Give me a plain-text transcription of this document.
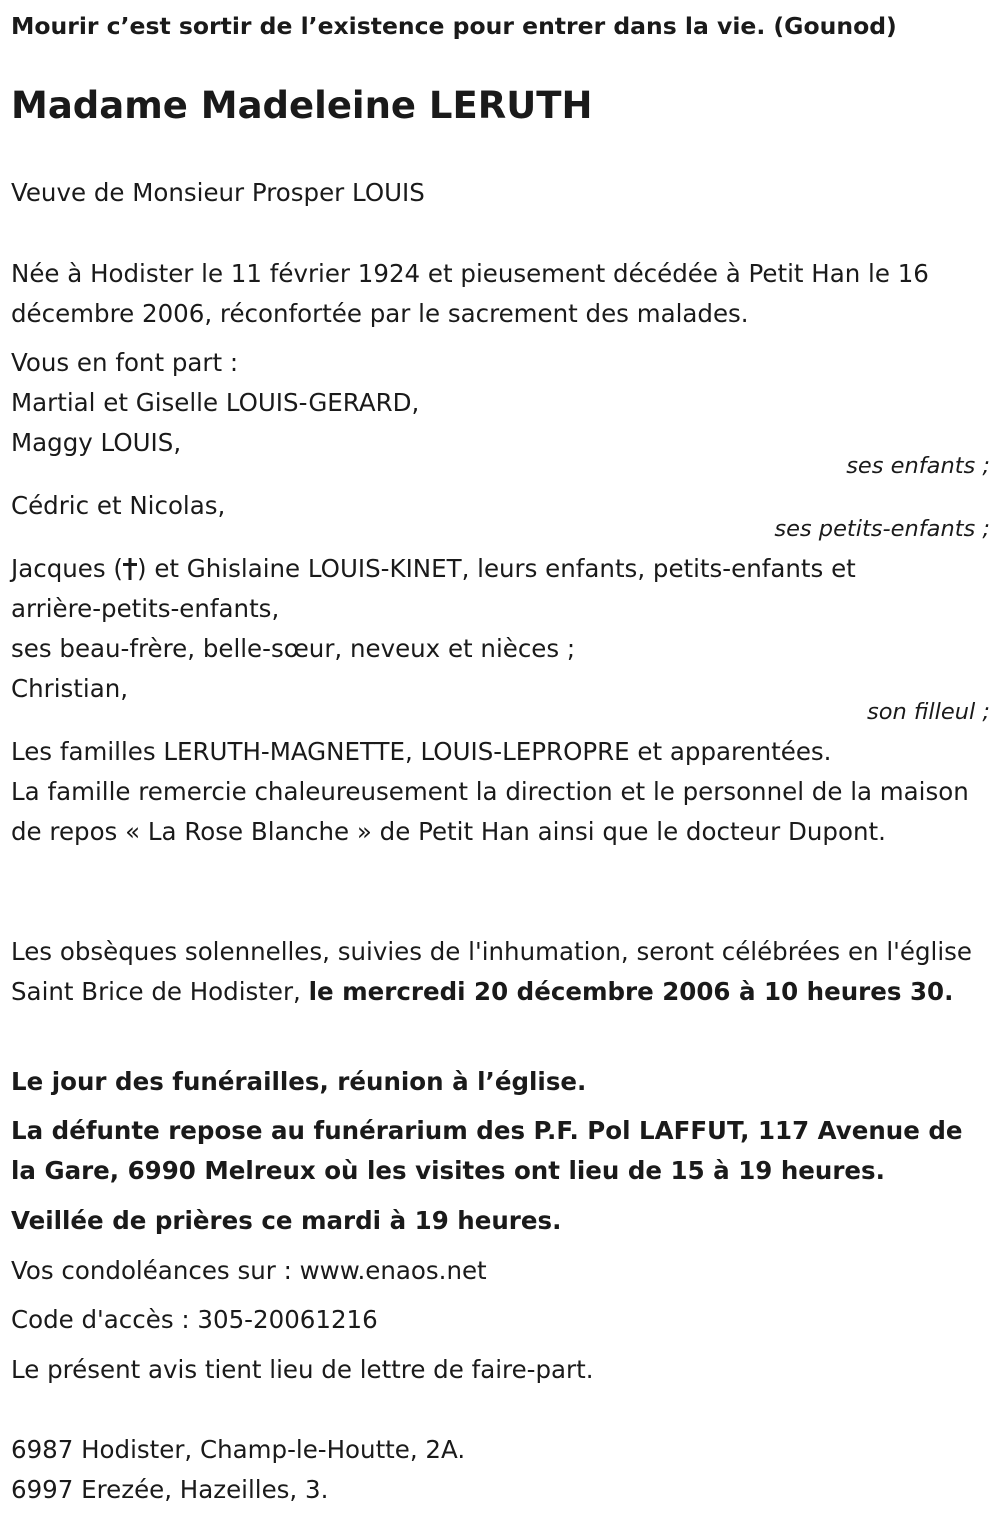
Mourir c’est sortir de l’existence pour entrer dans la vie. (Gounod)

Madame Madeleine LERUTH

Veuve de Monsieur Prosper LOUIS

Née à Hodister le 11 février 1924 et pieusement décédée à Petit Han le 16 décembre 2006, réconfortée par le sacrement des malades.

Vous en font part :

Martial et Giselle LOUIS-GERARD,

Maggy LOUIS,

ses enfants ;

Cédric et Nicolas,

ses petits-enfants ;

Jacques ( ) et Ghislaine LOUIS-KINET, leurs enfants, petits-enfants et

arrière-petits-enfants,

ses beau-frère, belle-sœur, neveux et nièces ;

Christian,

son filleul ;

Les familles LERUTH-MAGNETTE, LOUIS-LEPROPRE et apparentées.

La famille remercie chaleureusement la direction et le personnel de la maison de repos « La Rose Blanche » de Petit Han ainsi que le docteur Dupont.

Les obsèques solennelles, suivies de l'inhumation, seront célébrées en l'église Saint Brice de Hodister, le mercredi 20 décembre 2006 à 10 heures 30.

Le jour des funérailles, réunion à l’église.

La défunte repose au funérarium des P.F. Pol LAFFUT, 117 Avenue de la Gare, 6990 Melreux où les visites ont lieu de 15 à 19 heures.

Veillée de prières ce mardi à 19 heures.

Vos condoléances sur : www.enaos.net

Code d'accès : 305-20061216

Le présent avis tient lieu de lettre de faire-part.

6987 Hodister, Champ-le-Houtte, 2A.

6997 Erezée, Hazeilles, 3.
